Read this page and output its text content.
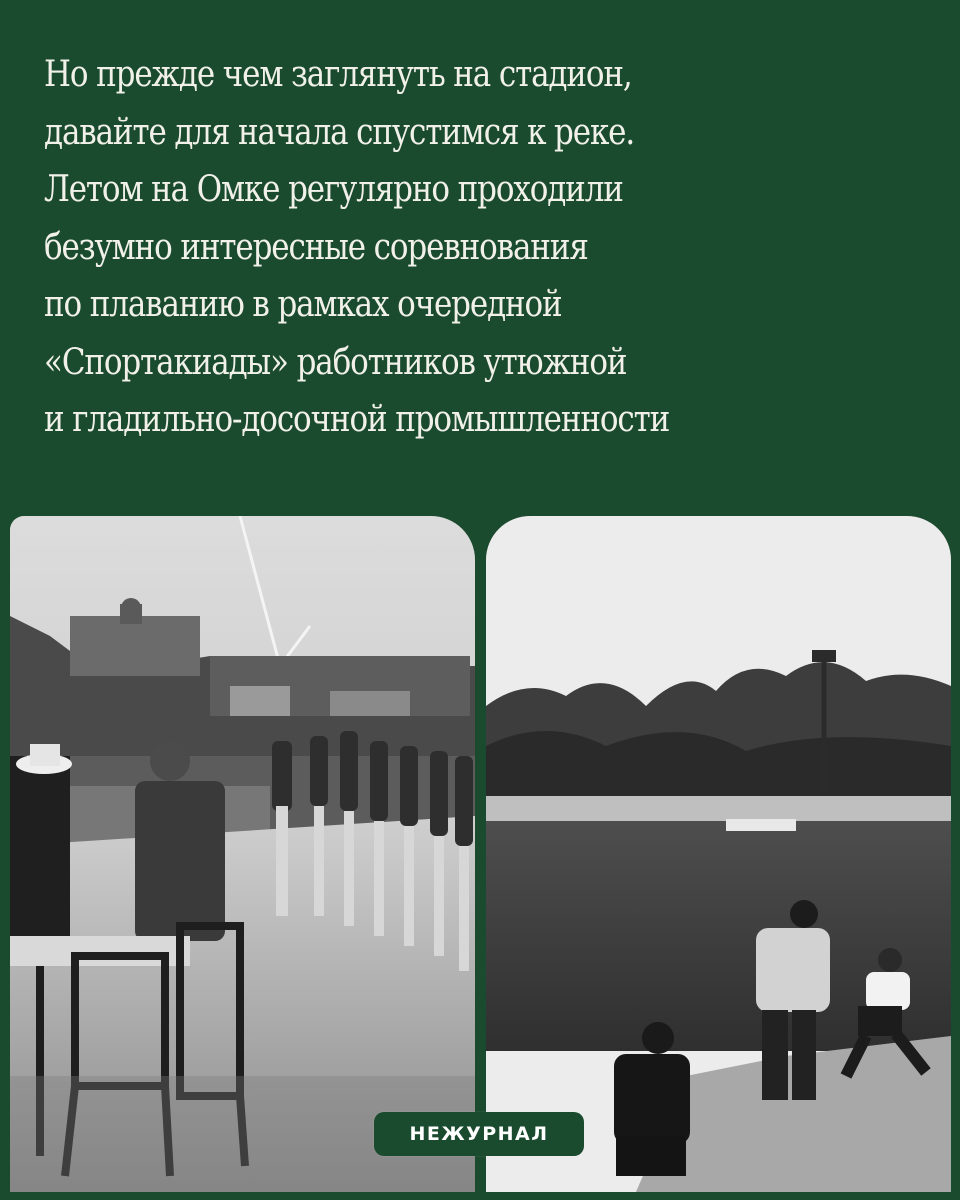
Но прежде чем заглянуть на стадион,
давайте для начала спустимся к реке.
Летом на Омке регулярно проходили
безумно интересные соревнования
по плаванию в рамках очередной
«Спортакиады» работников утюжной
и гладильно-досочной промышленности

НЕЖУРНАЛ
